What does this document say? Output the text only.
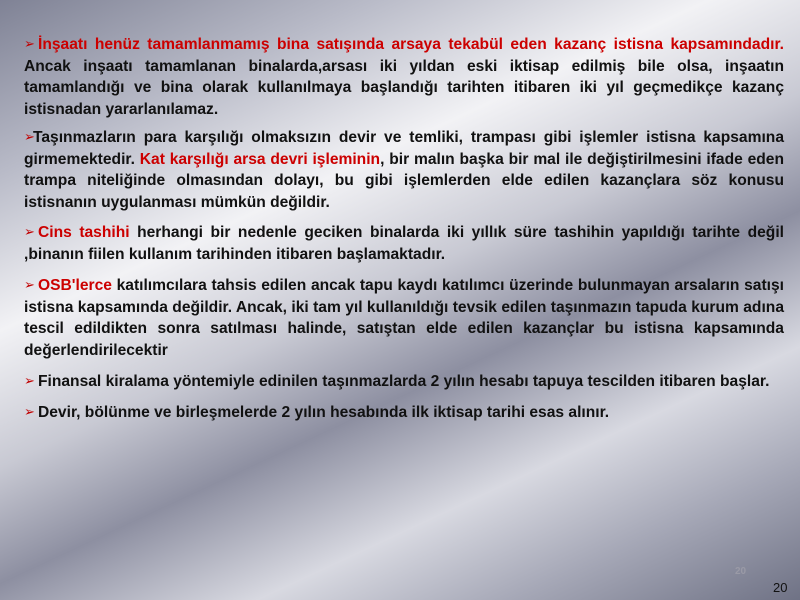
➢ İnşaatı henüz tamamlanmamış bina satışında arsaya tekabül eden kazanç istisna kapsamındadır. Ancak inşaatı tamamlanan binalarda,arsası iki yıldan eski iktisap edilmiş bile olsa, inşaatın tamamlandığı ve bina olarak kullanılmaya başlandığı tarihten itibaren iki yıl geçmedikçe kazanç istisnadan yararlanılamaz.

➢Taşınmazların para karşılığı olmaksızın devir ve temliki, trampası gibi işlemler istisna kapsamına girmemektedir. Kat karşılığı arsa devri işleminin, bir malın başka bir mal ile değiştirilmesini ifade eden trampa niteliğinde olmasından dolayı, bu gibi işlemlerden elde edilen kazançlara söz konusu istisnanın uygulanması mümkün değildir.

➢ Cins tashihi herhangi bir nedenle geciken binalarda iki yıllık süre tashihin yapıldığı tarihte değil ,binanın fiilen kullanım tarihinden itibaren başlamaktadır.

➢ OSB'lerce katılımcılara tahsis edilen ancak tapu kaydı katılımcı üzerinde bulunmayan arsaların satışı istisna kapsamında değildir. Ancak, iki tam yıl kullanıldığı tevsik edilen taşınmazın tapuda kurum adına tescil edildikten sonra satılması halinde, satıştan elde edilen kazançlar bu istisna kapsamında değerlendirilecektir

➢ Finansal kiralama yöntemiyle edinilen taşınmazlarda 2 yılın hesabı tapuya tescilden itibaren başlar.

➢ Devir, bölünme ve birleşmelerde 2 yılın hesabında ilk iktisap tarihi esas alınır.

20
20
